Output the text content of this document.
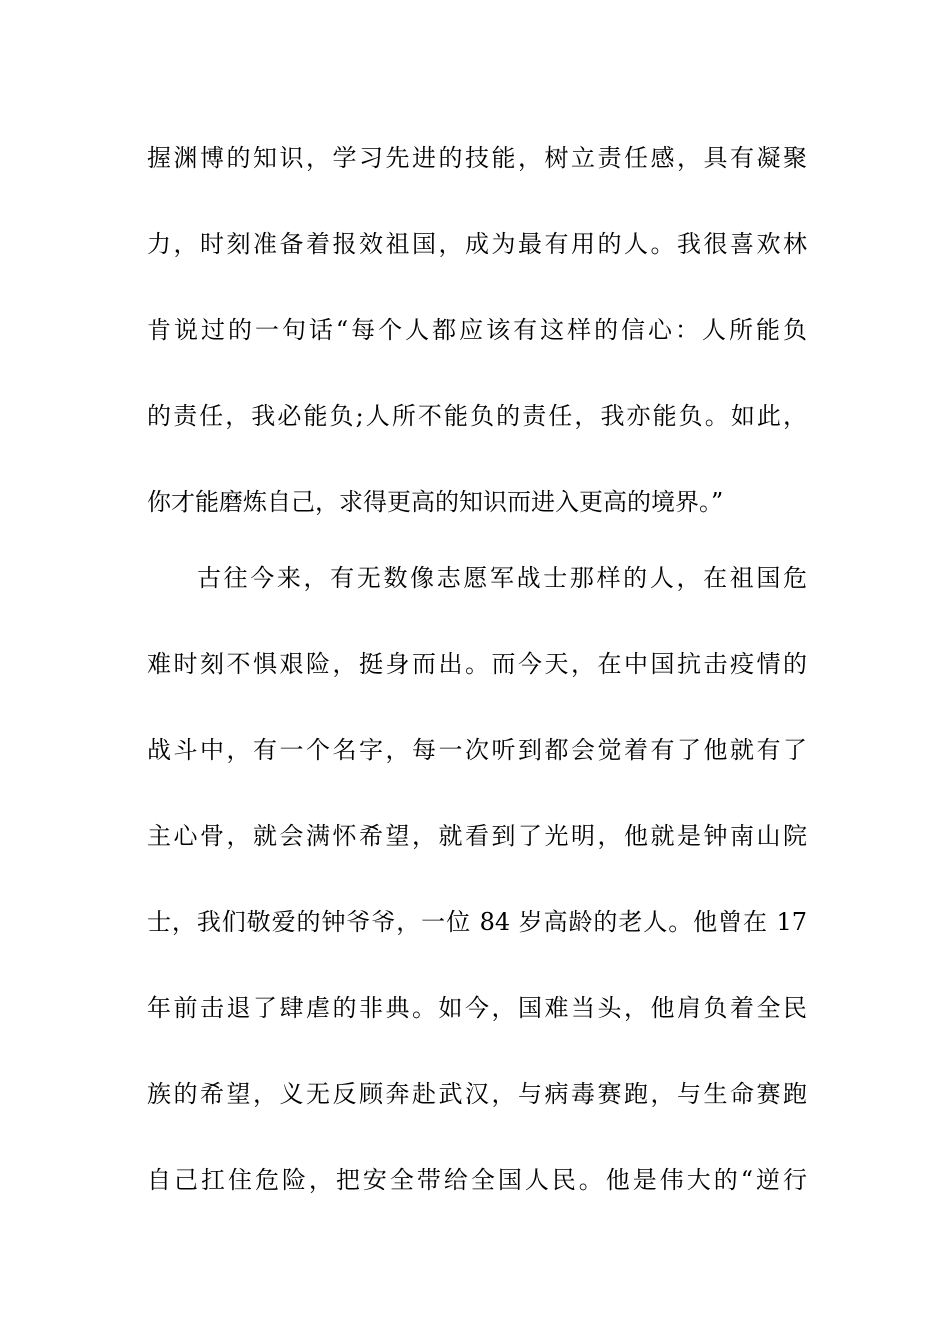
握渊博的知识，学习先进的技能，树立责任感，具有凝聚
力，时刻准备着报效祖国，成为最有用的人。我很喜欢林
肯说过的一句话“每个人都应该有这样的信心：人所能负
的责任，我必能负;人所不能负的责任，我亦能负。如此，
你才能磨炼自己，求得更高的知识而进入更高的境界。”
古往今来，有无数像志愿军战士那样的人，在祖国危
难时刻不惧艰险，挺身而出。而今天，在中国抗击疫情的
战斗中，有一个名字，每一次听到都会觉着有了他就有了
主心骨，就会满怀希望，就看到了光明，他就是钟南山院
士，我们敬爱的钟爷爷，一位 84 岁高龄的老人。他曾在 17
年前击退了肆虐的非典。如今，国难当头，他肩负着全民
族的希望，义无反顾奔赴武汉，与病毒赛跑，与生命赛跑
自己扛住危险，把安全带给全国人民。他是伟大的“逆行
